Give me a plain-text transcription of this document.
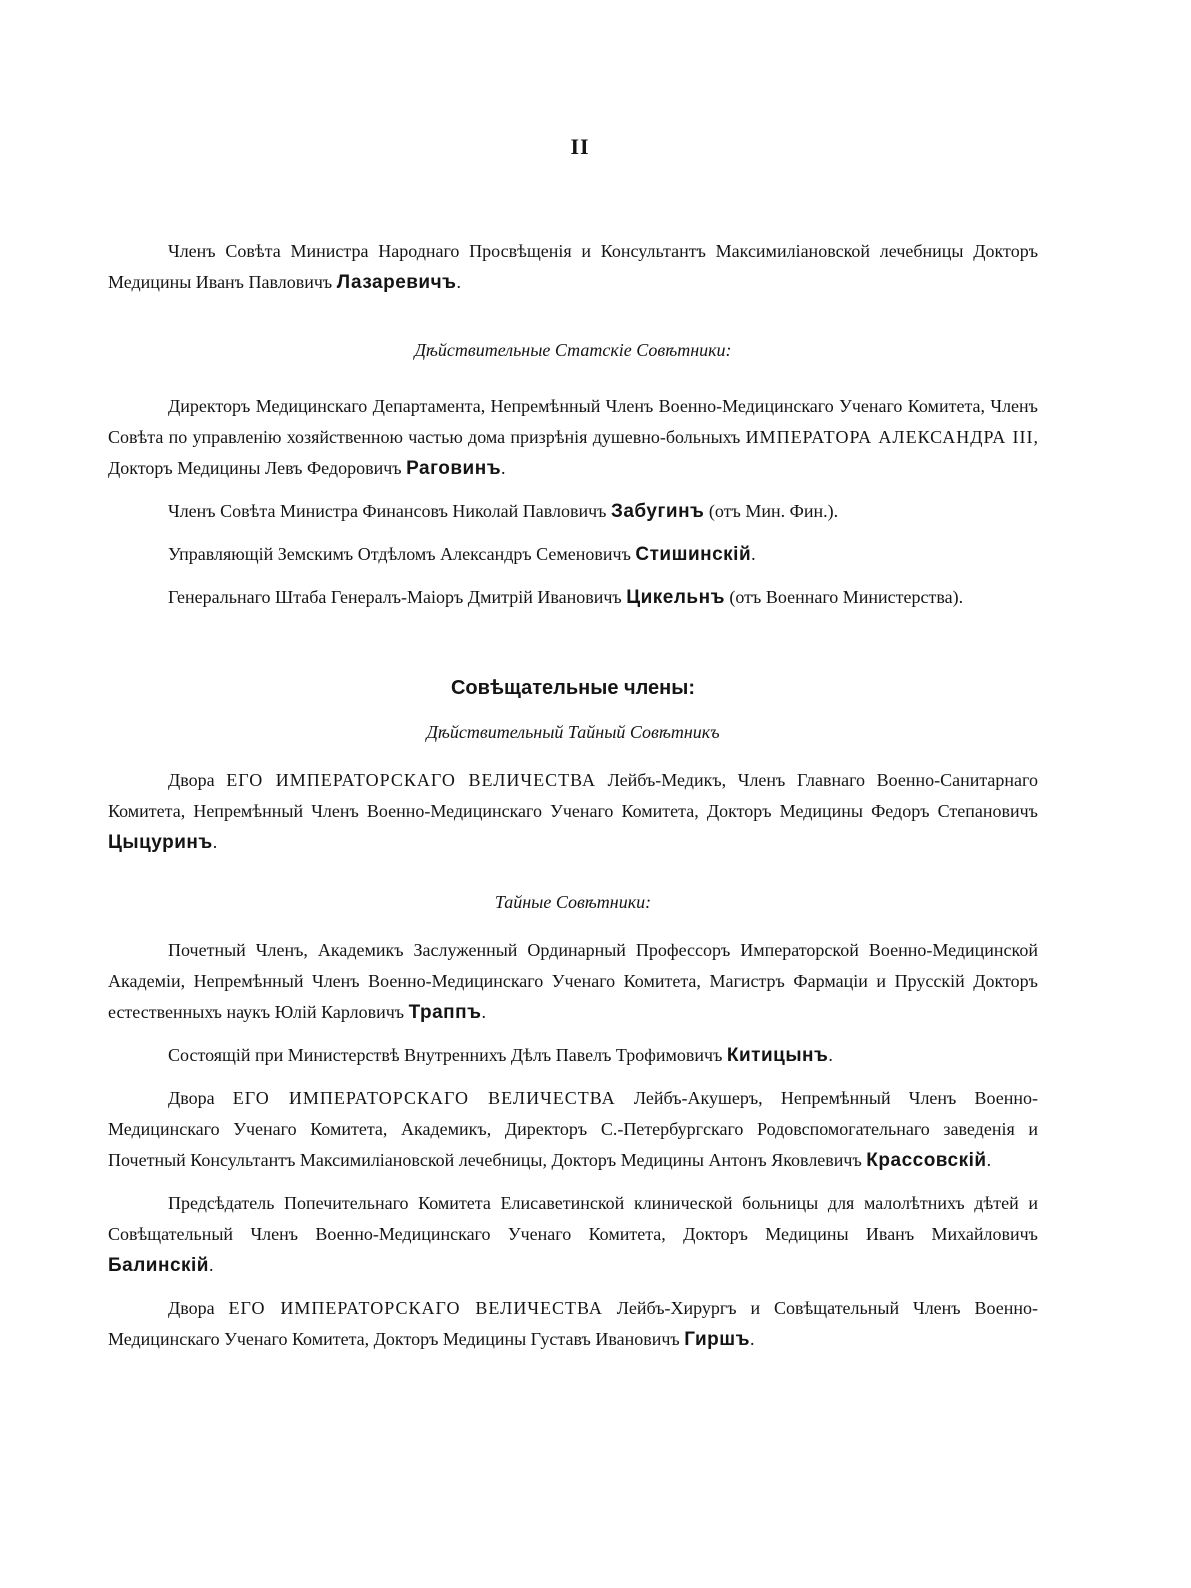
II

Членъ Совѣта Министра Народнаго Просвѣщенія и Консультантъ Максимиліановской лечебницы Докторъ Медицины Иванъ Павловичъ Лазаревичъ.

Дѣйствительные Статскіе Совѣтники:

Директоръ Медицинскаго Департамента, Непремѣнный Членъ Военно-Медицинскаго Ученаго Комитета, Членъ Совѣта по управленію хозяйственною частью дома призрѣнія душевно-больныхъ ИМПЕРАТОРА АЛЕКСАНДРА III, Докторъ Медицины Левъ Федоровичъ Раговинъ.

Членъ Совѣта Министра Финансовъ Николай Павловичъ Забугинъ (отъ Мин. Фин.).

Управляющій Земскимъ Отдѣломъ Александръ Семеновичъ Стишинскій.

Генеральнаго Штаба Генералъ-Маіоръ Дмитрій Ивановичъ Цикельнъ (отъ Военнаго Министерства).

Совѣщательные члены:

Дѣйствительный Тайный Совѣтникъ

Двора ЕГО ИМПЕРАТОРСКАГО ВЕЛИЧЕСТВА Лейбъ-Медикъ, Членъ Главнаго Военно-Санитарнаго Комитета, Непремѣнный Членъ Военно-Медицинскаго Ученаго Комитета, Докторъ Медицины Федоръ Степановичъ Цыцуринъ.

Тайные Совѣтники:

Почетный Членъ, Академикъ Заслуженный Ординарный Профессоръ Императорской Военно-Медицинской Академіи, Непремѣнный Членъ Военно-Медицинскаго Ученаго Комитета, Магистръ Фармаціи и Прусскій Докторъ естественныхъ наукъ Юлій Карловичъ Траппъ.

Состоящій при Министерствѣ Внутреннихъ Дѣлъ Павелъ Трофимовичъ Китицынъ.

Двора ЕГО ИМПЕРАТОРСКАГО ВЕЛИЧЕСТВА Лейбъ-Акушеръ, Непремѣнный Членъ Военно-Медицинскаго Ученаго Комитета, Академикъ, Директоръ С.-Петербургскаго Родовспомогательнаго заведенія и Почетный Консультантъ Максимиліановской лечебницы, Докторъ Медицины Антонъ Яковлевичъ Крассовскій.

Предсѣдатель Попечительнаго Комитета Елисаветинской клинической больницы для малолѣтнихъ дѣтей и Совѣщательный Членъ Военно-Медицинскаго Ученаго Комитета, Докторъ Медицины Иванъ Михайловичъ Балинскій.

Двора ЕГО ИМПЕРАТОРСКАГО ВЕЛИЧЕСТВА Лейбъ-Хирургъ и Совѣщательный Членъ Военно-Медицинскаго Ученаго Комитета, Докторъ Медицины Густавъ Ивановичъ Гиршъ.
